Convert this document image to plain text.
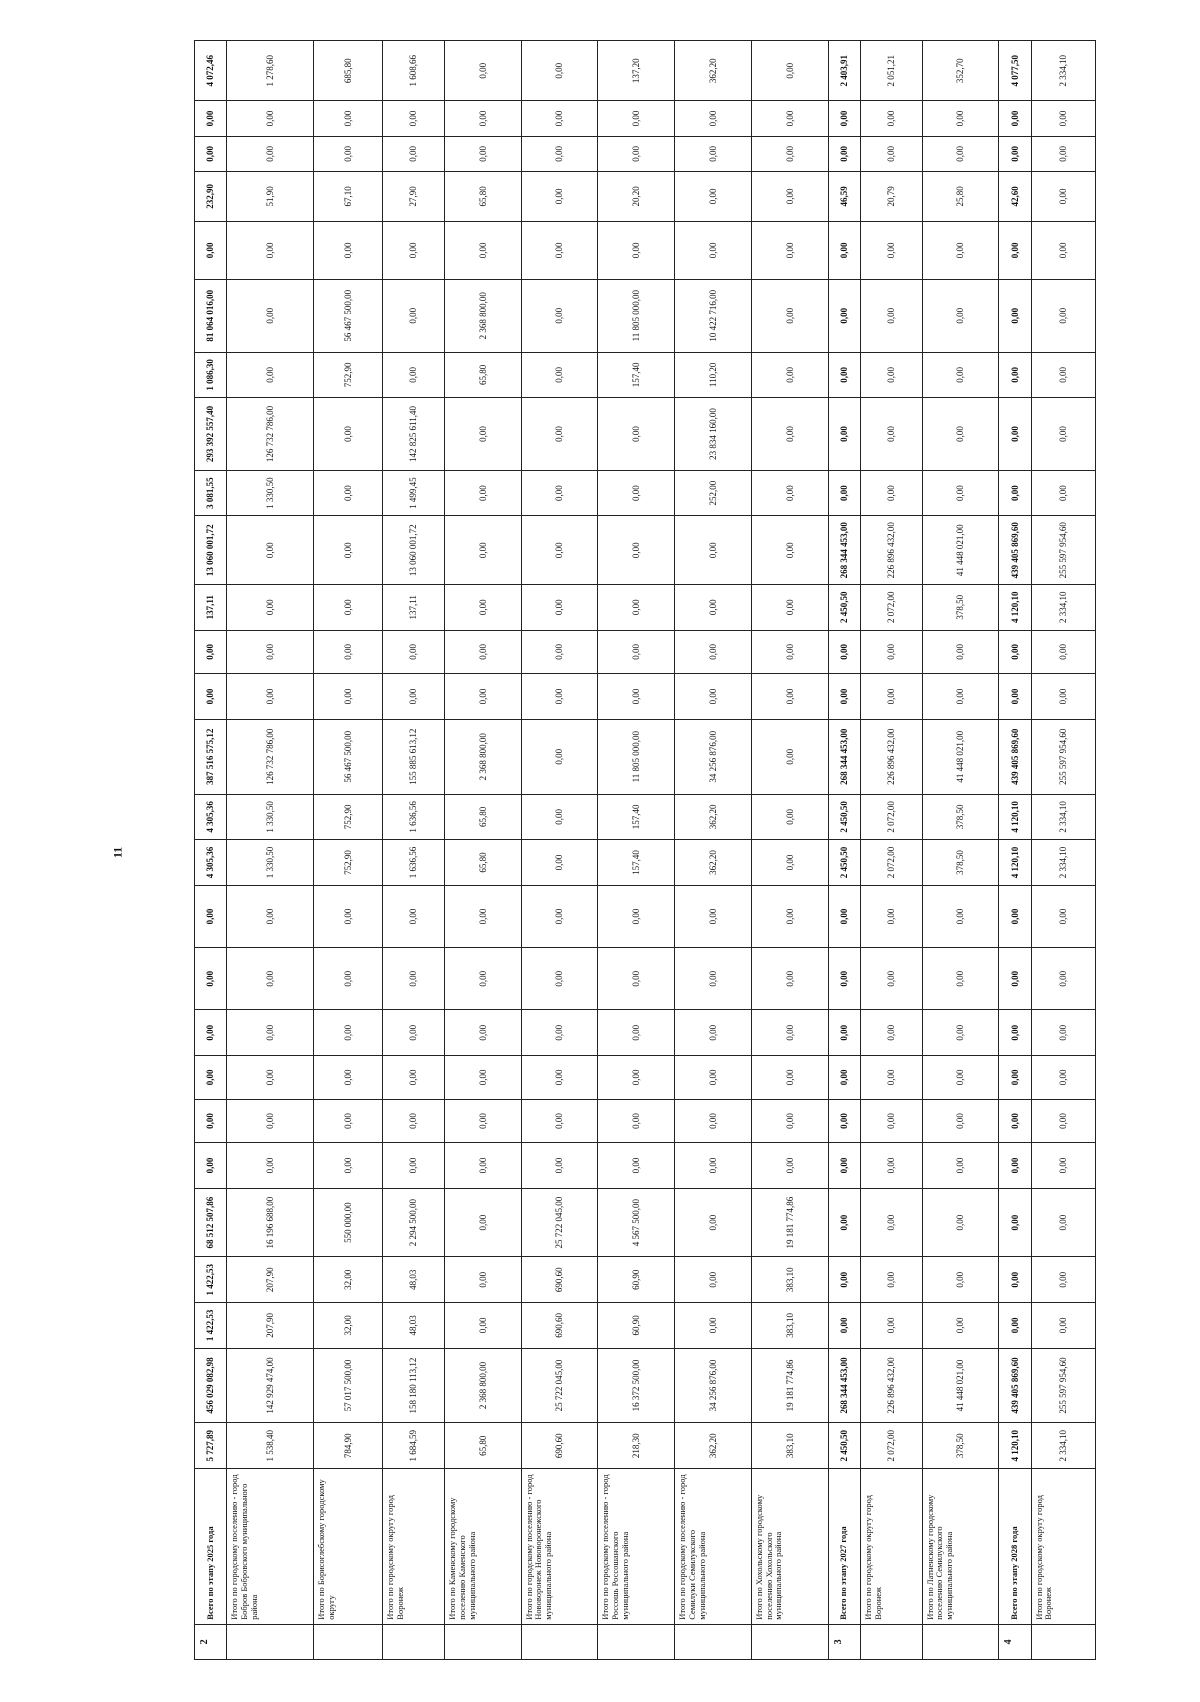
11
2	Всего по этапу 2025 года	5 727,89	456 029 082,98	1 422,53	1 422,53	68 512 507,86	0,00	0,00	0,00	0,00	0,00	0,00	4 305,36	4 305,36	387 516 575,12	0,00	0,00	137,11	13 060 001,72	3 081,55	293 392 557,40	1 086,30	81 064 016,00	0,00	232,90	0,00	0,00	4 072,46
	Итого по городскому поселению - город Бобров Бобровского муниципального района	1 538,40	142 929 474,00	207,90	207,90	16 196 688,00	0,00	0,00	0,00	0,00	0,00	0,00	1 330,50	1 330,50	126 732 786,00	0,00	0,00	0,00	0,00	1 330,50	126 732 786,00	0,00	0,00	0,00	51,90	0,00	0,00	1 278,60
	Итого по Борисоглебскому городскому округу	784,90	57 017 500,00	32,00	32,00	550 000,00	0,00	0,00	0,00	0,00	0,00	0,00	752,90	752,90	56 467 500,00	0,00	0,00	0,00	0,00	0,00	0,00	752,90	56 467 500,00	0,00	67,10	0,00	0,00	685,80
	Итого по городскому округу город Воронеж	1 684,59	158 180 113,12	48,03	48,03	2 294 500,00	0,00	0,00	0,00	0,00	0,00	0,00	1 636,56	1 636,56	155 885 613,12	0,00	0,00	137,11	13 060 001,72	1 499,45	142 825 611,40	0,00	0,00	0,00	27,90	0,00	0,00	1 608,66
	Итого по Каменскому городскому поселению Каменского муниципального района	65,80	2 368 800,00	0,00	0,00	0,00	0,00	0,00	0,00	0,00	0,00	0,00	65,80	65,80	2 368 800,00	0,00	0,00	0,00	0,00	0,00	0,00	65,80	2 368 800,00	0,00	65,80	0,00	0,00	0,00
	Итого по городскому поселению - город Нововоронеж Нововоронежского муниципального района	690,60	25 722 045,00	690,60	690,60	25 722 045,00	0,00	0,00	0,00	0,00	0,00	0,00	0,00	0,00	0,00	0,00	0,00	0,00	0,00	0,00	0,00	0,00	0,00	0,00	0,00	0,00	0,00	0,00
	Итого по городскому поселению - город Россошь Россошанского муниципального района	218,30	16 372 500,00	60,90	60,90	4 567 500,00	0,00	0,00	0,00	0,00	0,00	0,00	157,40	157,40	11 805 000,00	0,00	0,00	0,00	0,00	0,00	0,00	157,40	11 805 000,00	0,00	20,20	0,00	0,00	137,20
	Итого по городскому поселению - город Семилуки Семилукского муниципального района	362,20	34 256 876,00	0,00	0,00	0,00	0,00	0,00	0,00	0,00	0,00	0,00	362,20	362,20	34 256 876,00	0,00	0,00	0,00	0,00	252,00	23 834 160,00	110,20	10 422 716,00	0,00	0,00	0,00	0,00	362,20
	Итого по Хохольскому городскому поселению Хохольского муниципального района	383,10	19 181 774,86	383,10	383,10	19 181 774,86	0,00	0,00	0,00	0,00	0,00	0,00	0,00	0,00	0,00	0,00	0,00	0,00	0,00	0,00	0,00	0,00	0,00	0,00	0,00	0,00	0,00	0,00
3	Всего по этапу 2027 года	2 450,50	268 344 453,00	0,00	0,00	0,00	0,00	0,00	0,00	0,00	0,00	0,00	2 450,50	2 450,50	268 344 453,00	0,00	0,00	2 450,50	268 344 453,00	0,00	0,00	0,00	0,00	0,00	46,59	0,00	0,00	2 403,91
	Итого по городскому округу город Воронеж	2 072,00	226 896 432,00	0,00	0,00	0,00	0,00	0,00	0,00	0,00	0,00	0,00	2 072,00	2 072,00	226 896 432,00	0,00	0,00	2 072,00	226 896 432,00	0,00	0,00	0,00	0,00	0,00	20,79	0,00	0,00	2 051,21
	Итого по Латненскому городскому поселению Семилукского муниципального района	378,50	41 448 021,00	0,00	0,00	0,00	0,00	0,00	0,00	0,00	0,00	0,00	378,50	378,50	41 448 021,00	0,00	0,00	378,50	41 448 021,00	0,00	0,00	0,00	0,00	0,00	25,80	0,00	0,00	352,70
4	Всего по этапу 2028 года	4 120,10	439 405 869,60	0,00	0,00	0,00	0,00	0,00	0,00	0,00	0,00	0,00	4 120,10	4 120,10	439 405 869,60	0,00	0,00	4 120,10	439 405 869,60	0,00	0,00	0,00	0,00	0,00	42,60	0,00	0,00	4 077,50
	Итого по городскому округу город Воронеж	2 334,10	255 597 954,60	0,00	0,00	0,00	0,00	0,00	0,00	0,00	0,00	0,00	2 334,10	2 334,10	255 597 954,60	0,00	0,00	2 334,10	255 597 954,60	0,00	0,00	0,00	0,00	0,00	0,00	0,00	0,00	2 334,10
